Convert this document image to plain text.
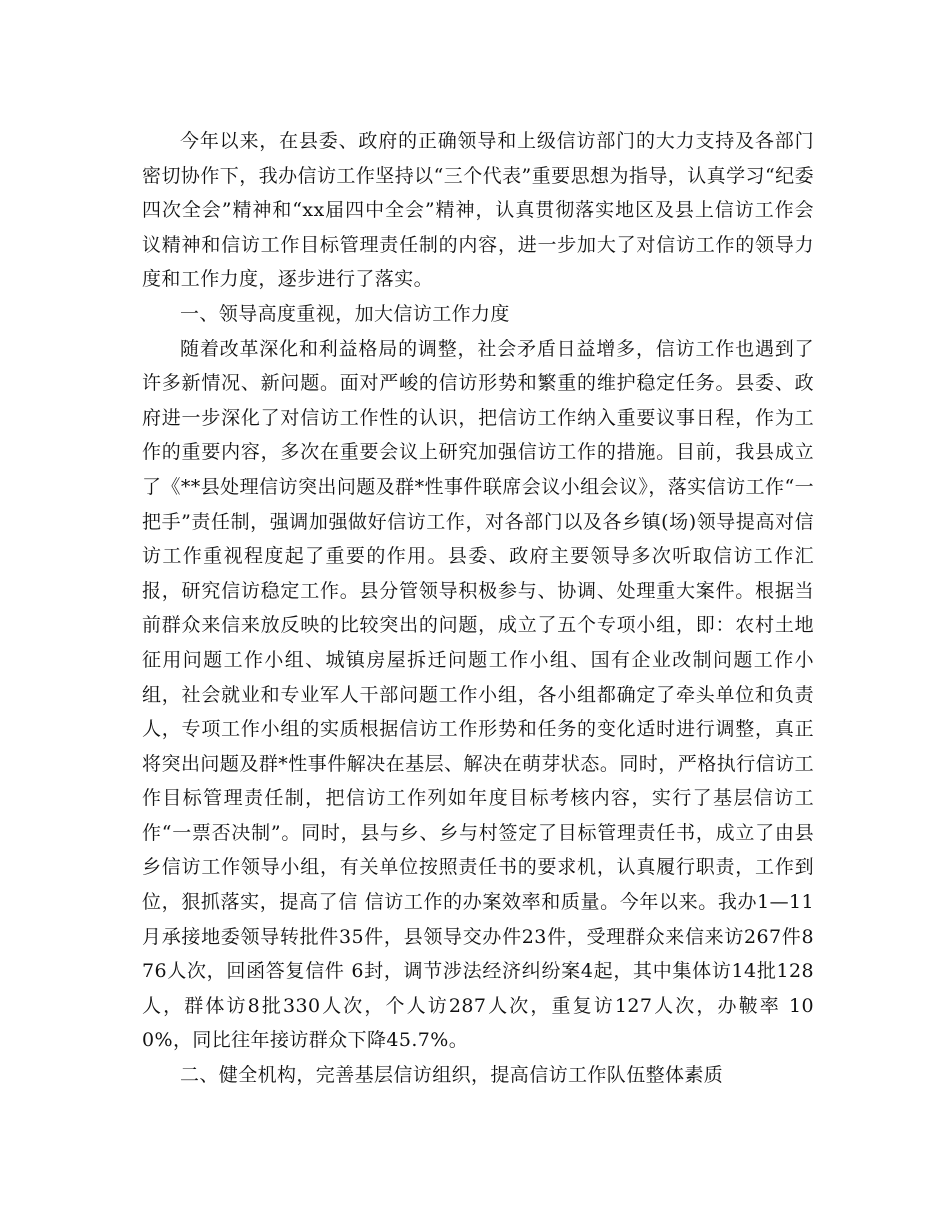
今年以来，在县委、政府的正确领导和上级信访部门的大力支持及各部门密切协作下，我办信访工作坚持以“三个代表”重要思想为指导，认真学习“纪委四次全会”精神和“xx届四中全会”精神，认真贯彻落实地区及县上信访工作会议精神和信访工作目标管理责任制的内容，进一步加大了对信访工作的领导力度和工作力度，逐步进行了落实。

一、领导高度重视，加大信访工作力度

随着改革深化和利益格局的调整，社会矛盾日益增多，信访工作也遇到了许多新情况、新问题。面对严峻的信访形势和繁重的维护稳定任务。县委、政府进一步深化了对信访工作性的认识，把信访工作纳入重要议事日程，作为工作的重要内容，多次在重要会议上研究加强信访工作的措施。目前，我县成立了《**县处理信访突出问题及群*性事件联席会议小组会议》，落实信访工作“一把手”责任制，强调加强做好信访工作，对各部门以及各乡镇(场)领导提高对信访工作重视程度起了重要的作用。县委、政府主要领导多次听取信访工作汇报，研究信访稳定工作。县分管领导积极参与、协调、处理重大案件。根据当前群众来信来放反映的比较突出的问题，成立了五个专项小组，即：农村土地征用问题工作小组、城镇房屋拆迁问题工作小组、国有企业改制问题工作小组，社会就业和专业军人干部问题工作小组，各小组都确定了牵头单位和负责人，专项工作小组的实质根据信访工作形势和任务的变化适时进行调整，真正将突出问题及群*性事件解决在基层、解决在萌芽状态。同时，严格执行信访工作目标管理责任制，把信访工作列如年度目标考核内容，实行了基层信访工作“一票否决制”。同时，县与乡、乡与村签定了目标管理责任书，成立了由县乡信访工作领导小组，有关单位按照责任书的要求机，认真履行职责，工作到位，狠抓落实，提高了信 信访工作的办案效率和质量。今年以来。我办1—11月承接地委领导转批件35件，县领导交办件23件，受理群众来信来访267件876人次，回函答复信件 6封，调节涉法经济纠纷案4起，其中集体访14批128人，群体访8批330人次，个人访287人次，重复访127人次，办鞁率 100%，同比往年接访群众下降45.7%。

二、健全机构，完善基层信访组织，提高信访工作队伍整体素质
